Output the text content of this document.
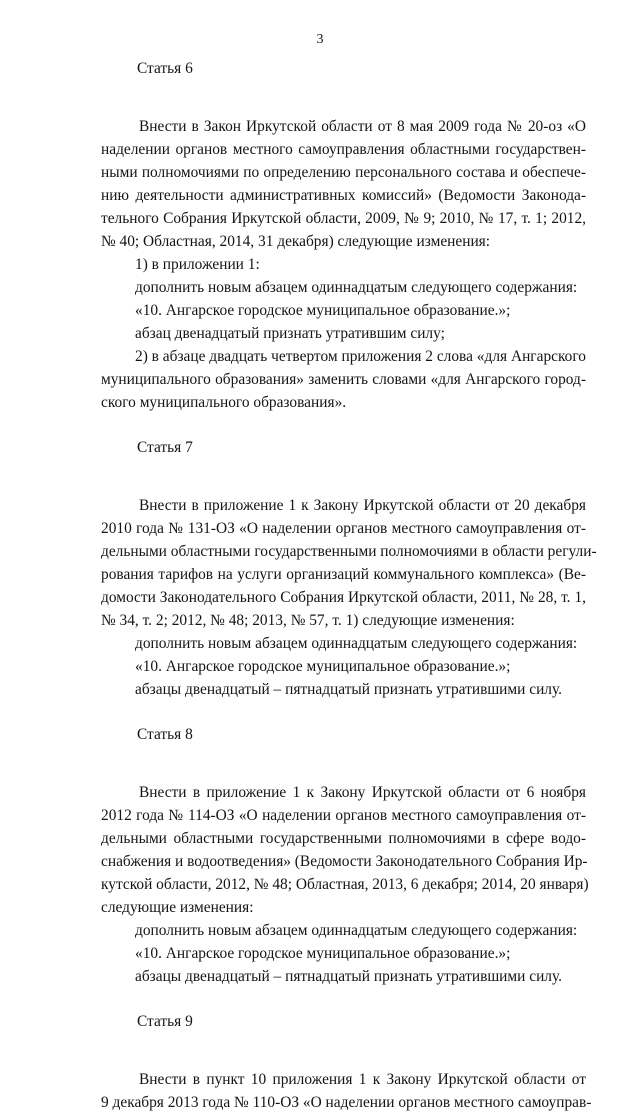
3
Статья 6
Внести в Закон Иркутской области от 8 мая 2009 года № 20-оз «О
наделении органов местного самоуправления областными государствен-
ными полномочиями по определению персонального состава и обеспече-
нию деятельности административных комиссий» (Ведомости Законода-
тельного Собрания Иркутской области, 2009, № 9; 2010, № 17, т. 1; 2012,
№ 40; Областная, 2014, 31 декабря) следующие изменения:
1) в приложении 1:
дополнить новым абзацем одиннадцатым следующего содержания:
«10. Ангарское городское муниципальное образование.»;
абзац двенадцатый признать утратившим силу;
2) в абзаце двадцать четвертом приложения 2 слова «для Ангарского
муниципального образования» заменить словами «для Ангарского город-
ского муниципального образования».
Статья 7
Внести в приложение 1 к Закону Иркутской области от 20 декабря
2010 года № 131-ОЗ «О наделении органов местного самоуправления от-
дельными областными государственными полномочиями в области регули-
рования тарифов на услуги организаций коммунального комплекса» (Ве-
домости Законодательного Собрания Иркутской области, 2011, № 28, т. 1,
№ 34, т. 2; 2012, № 48; 2013, № 57, т. 1) следующие изменения:
дополнить новым абзацем одиннадцатым следующего содержания:
«10. Ангарское городское муниципальное образование.»;
абзацы двенадцатый – пятнадцатый признать утратившими силу.
Статья 8
Внести в приложение 1 к Закону Иркутской области от 6 ноября
2012 года № 114-ОЗ «О наделении органов местного самоуправления от-
дельными областными государственными полномочиями в сфере водо-
снабжения и водоотведения» (Ведомости Законодательного Собрания Ир-
кутской области, 2012, № 48; Областная, 2013, 6 декабря; 2014, 20 января)
следующие изменения:
дополнить новым абзацем одиннадцатым следующего содержания:
«10. Ангарское городское муниципальное образование.»;
абзацы двенадцатый – пятнадцатый признать утратившими силу.
Статья 9
Внести в пункт 10 приложения 1 к Закону Иркутской области от
9 декабря 2013 года № 110-ОЗ «О наделении органов местного самоуправ-
